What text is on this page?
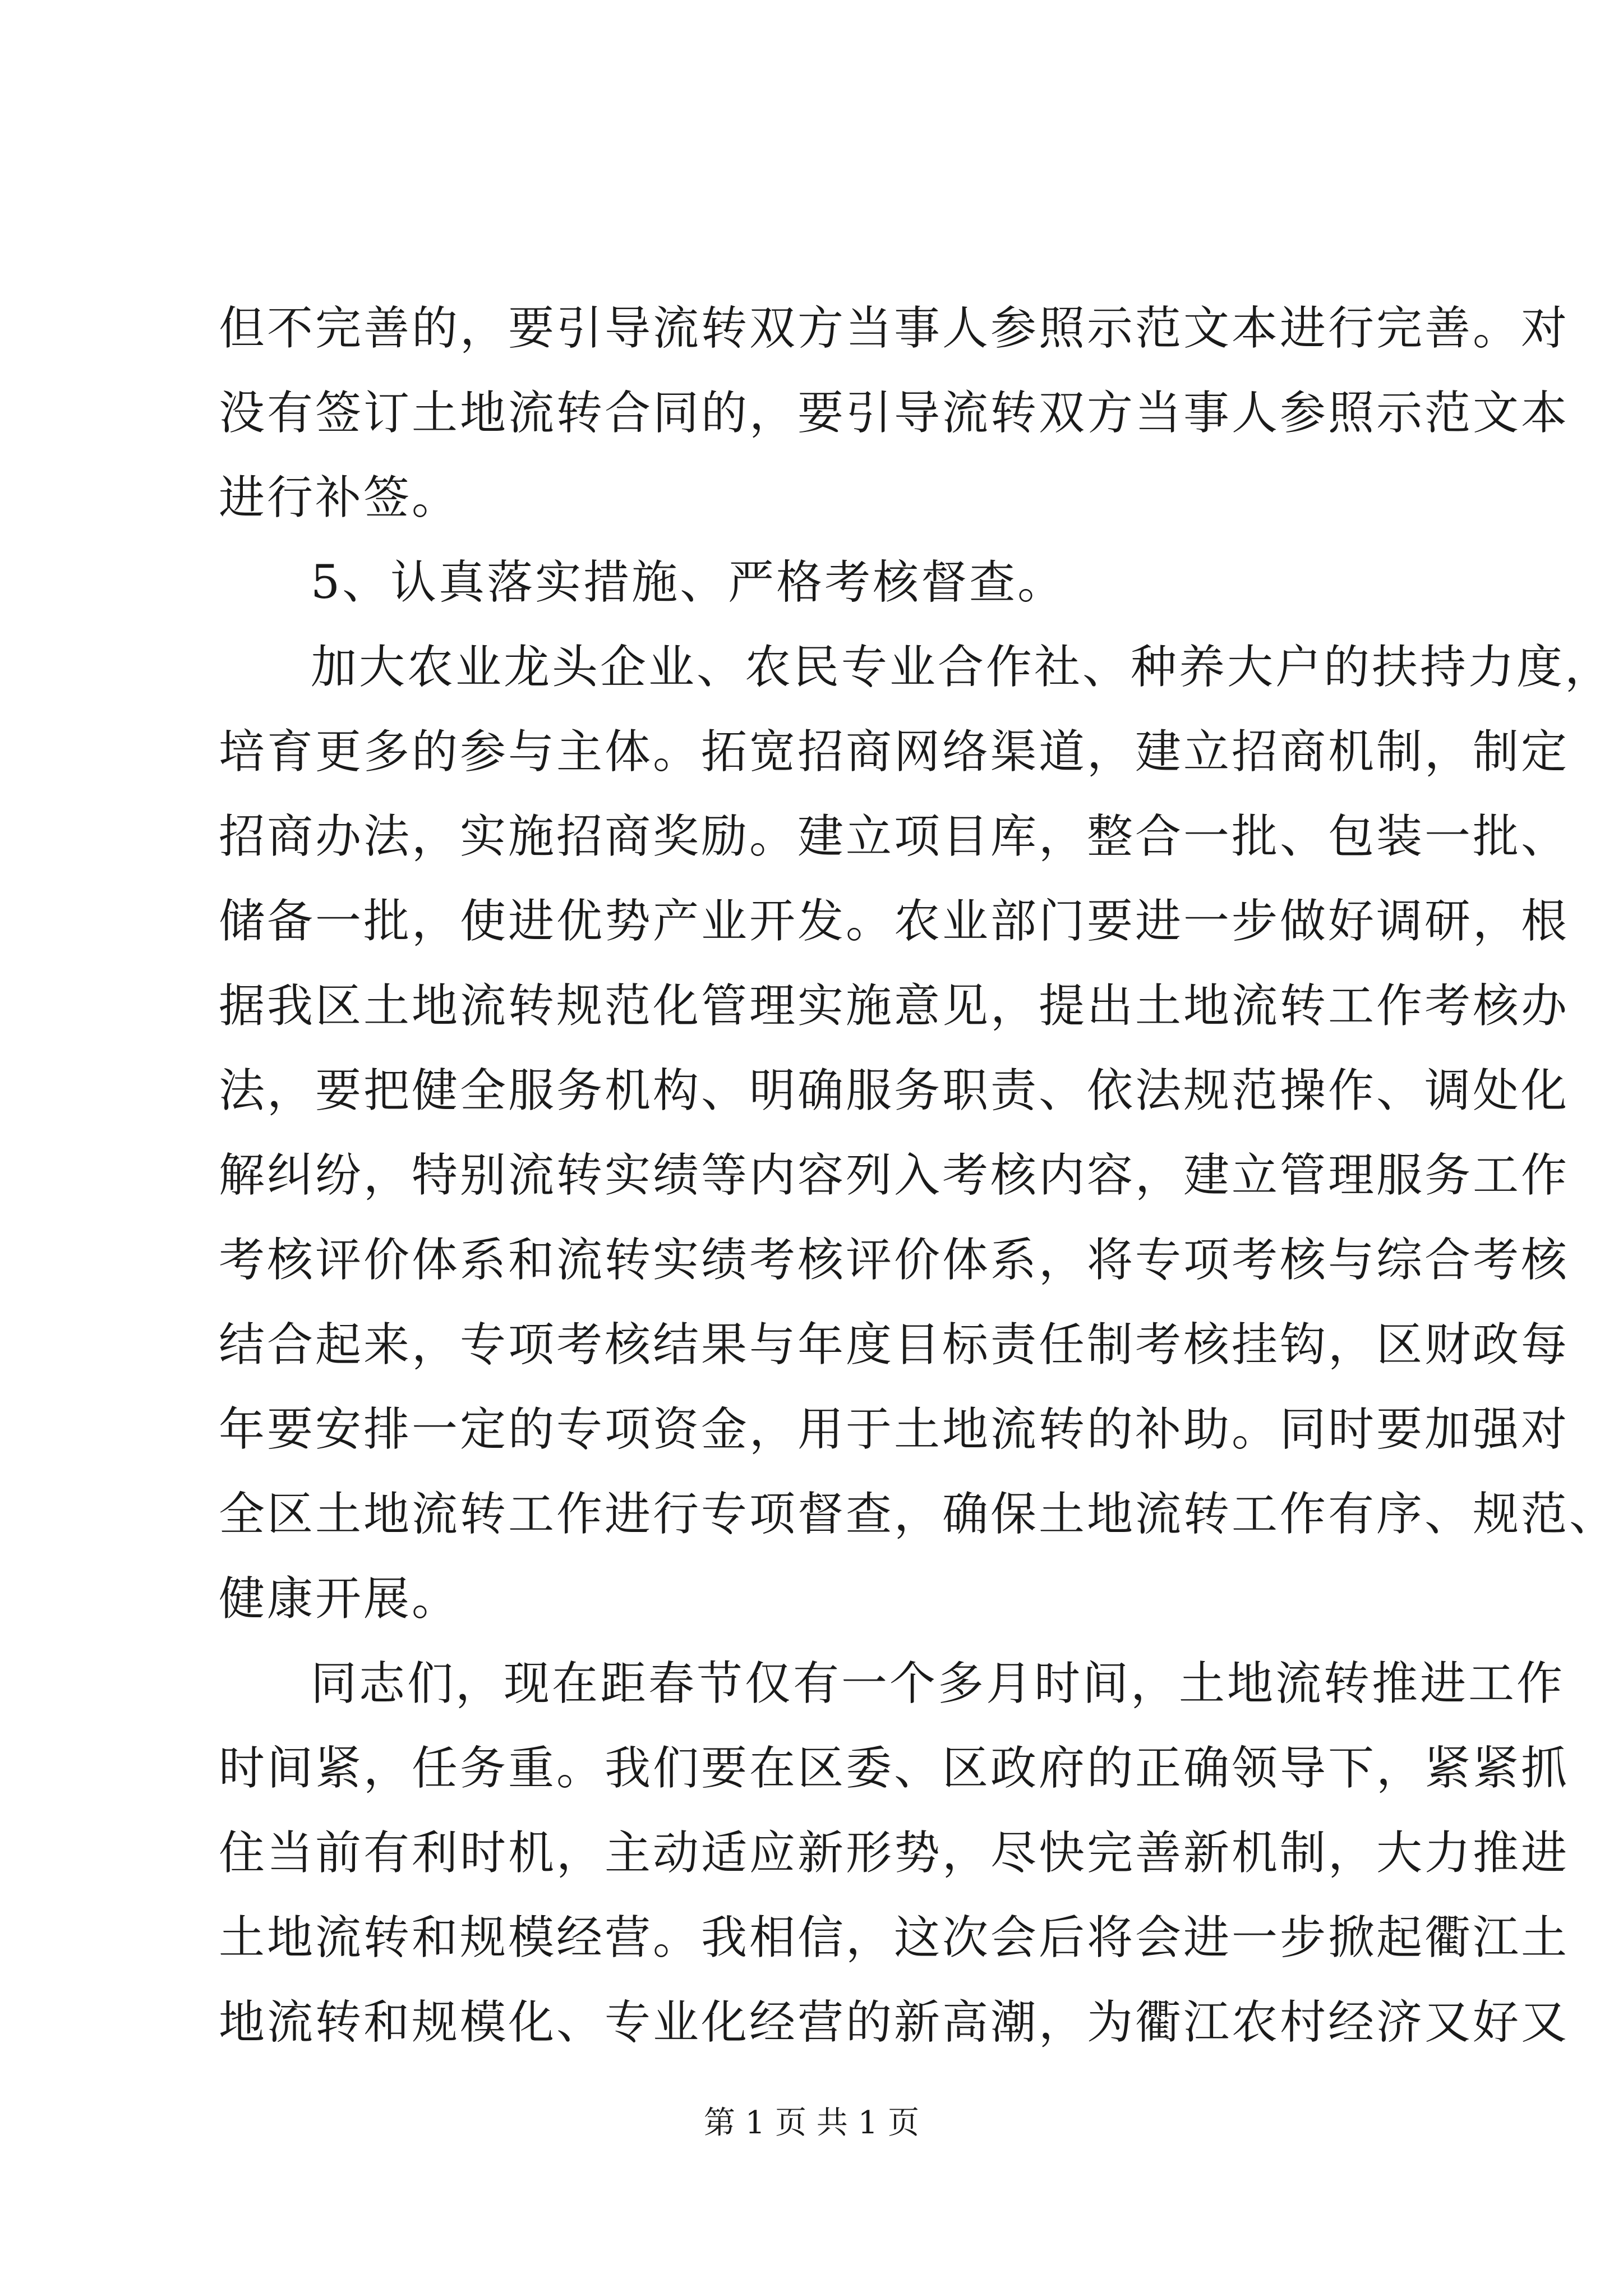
但不完善的，要引导流转双方当事人参照示范文本进行完善。对
没有签订土地流转合同的，要引导流转双方当事人参照示范文本
进行补签。
5、认真落实措施、严格考核督查。
加大农业龙头企业、农民专业合作社、种养大户的扶持力度，
培育更多的参与主体。拓宽招商网络渠道，建立招商机制，制定
招商办法，实施招商奖励。建立项目库，整合一批、包装一批、
储备一批，使进优势产业开发。农业部门要进一步做好调研，根
据我区土地流转规范化管理实施意见，提出土地流转工作考核办
法，要把健全服务机构、明确服务职责、依法规范操作、调处化
解纠纷，特别流转实绩等内容列入考核内容，建立管理服务工作
考核评价体系和流转实绩考核评价体系，将专项考核与综合考核
结合起来，专项考核结果与年度目标责任制考核挂钩，区财政每
年要安排一定的专项资金，用于土地流转的补助。同时要加强对
全区土地流转工作进行专项督查，确保土地流转工作有序、规范、
健康开展。
同志们，现在距春节仅有一个多月时间，土地流转推进工作
时间紧，任务重。我们要在区委、区政府的正确领导下，紧紧抓
住当前有利时机，主动适应新形势，尽快完善新机制，大力推进
土地流转和规模经营。我相信，这次会后将会进一步掀起衢江土
地流转和规模化、专业化经营的新高潮，为衢江农村经济又好又
第 1 页 共 1 页
